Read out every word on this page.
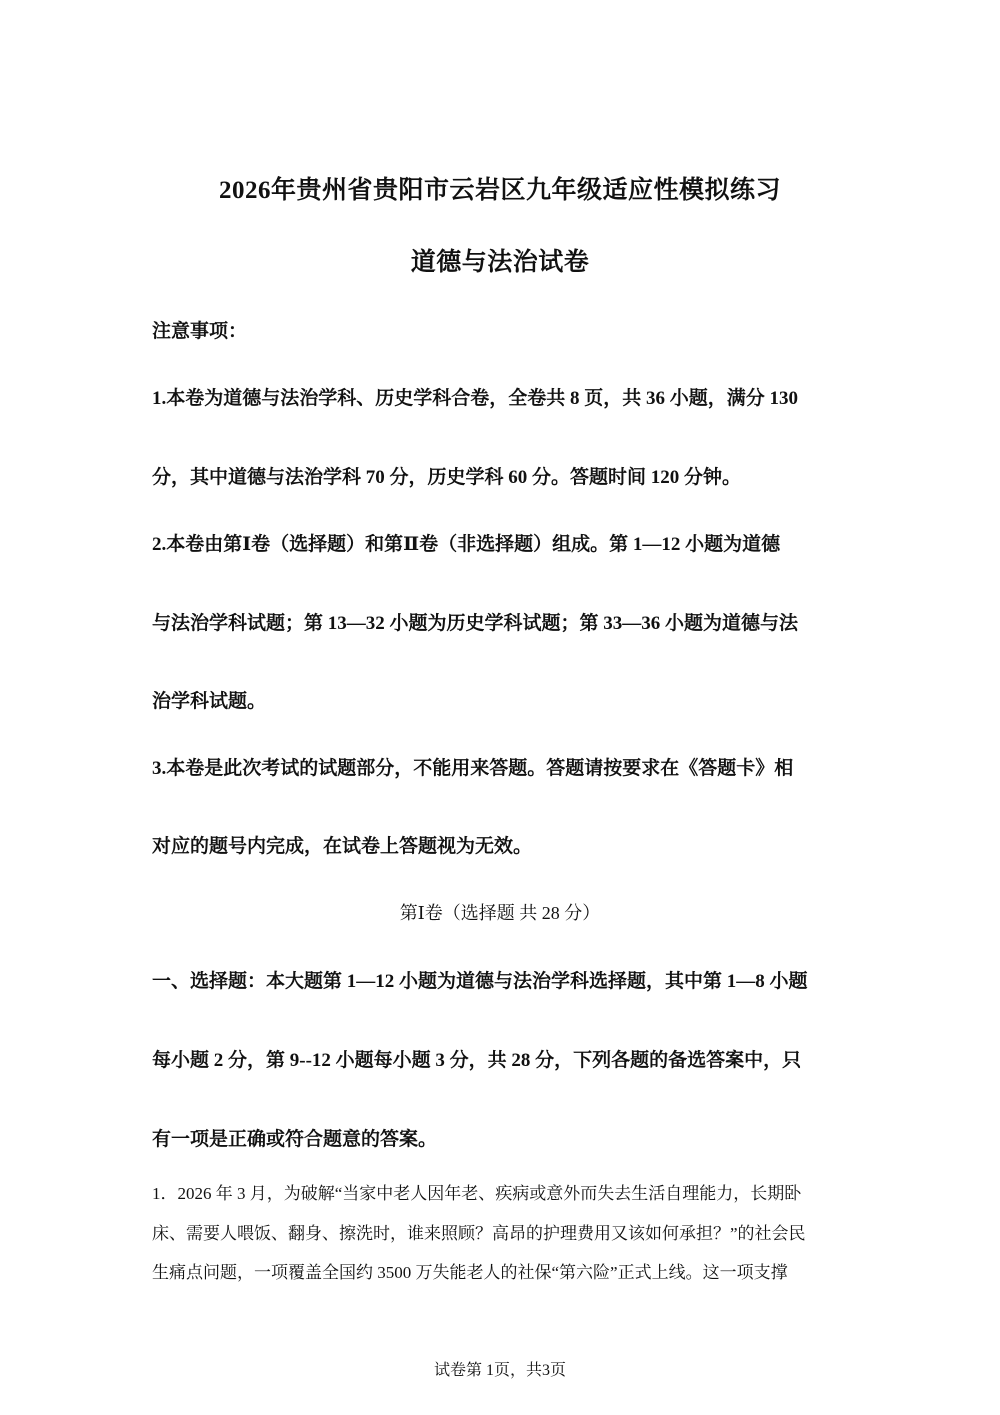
2026年贵州省贵阳市云岩区九年级适应性模拟练习
道德与法治试卷
注意事项：
1.本卷为道德与法治学科、历史学科合卷，全卷共 8 页，共 36 小题，满分 130
分，其中道德与法治学科 70 分，历史学科 60 分。答题时间 120 分钟。
2.本卷由第Ⅰ卷（选择题）和第Ⅱ卷（非选择题）组成。第 1—12 小题为道德
与法治学科试题；第 13—32 小题为历史学科试题；第 33—36 小题为道德与法
治学科试题。
3.本卷是此次考试的试题部分，不能用来答题。答题请按要求在《答题卡》相
对应的题号内完成，在试卷上答题视为无效。
第Ⅰ卷（选择题 共 28 分）
一、选择题：本大题第 1—12 小题为道德与法治学科选择题，其中第 1—8 小题
每小题 2 分，第 9--12 小题每小题 3 分，共 28 分，下列各题的备选答案中，只
有一项是正确或符合题意的答案。
1．2026 年 3 月，为破解“当家中老人因年老、疾病或意外而失去生活自理能力，长期卧
床、需要人喂饭、翻身、擦洗时，谁来照顾？高昂的护理费用又该如何承担？”的社会民
生痛点问题，一项覆盖全国约 3500 万失能老人的社保“第六险”正式上线。这一项支撑
试卷第 1页，共3页
